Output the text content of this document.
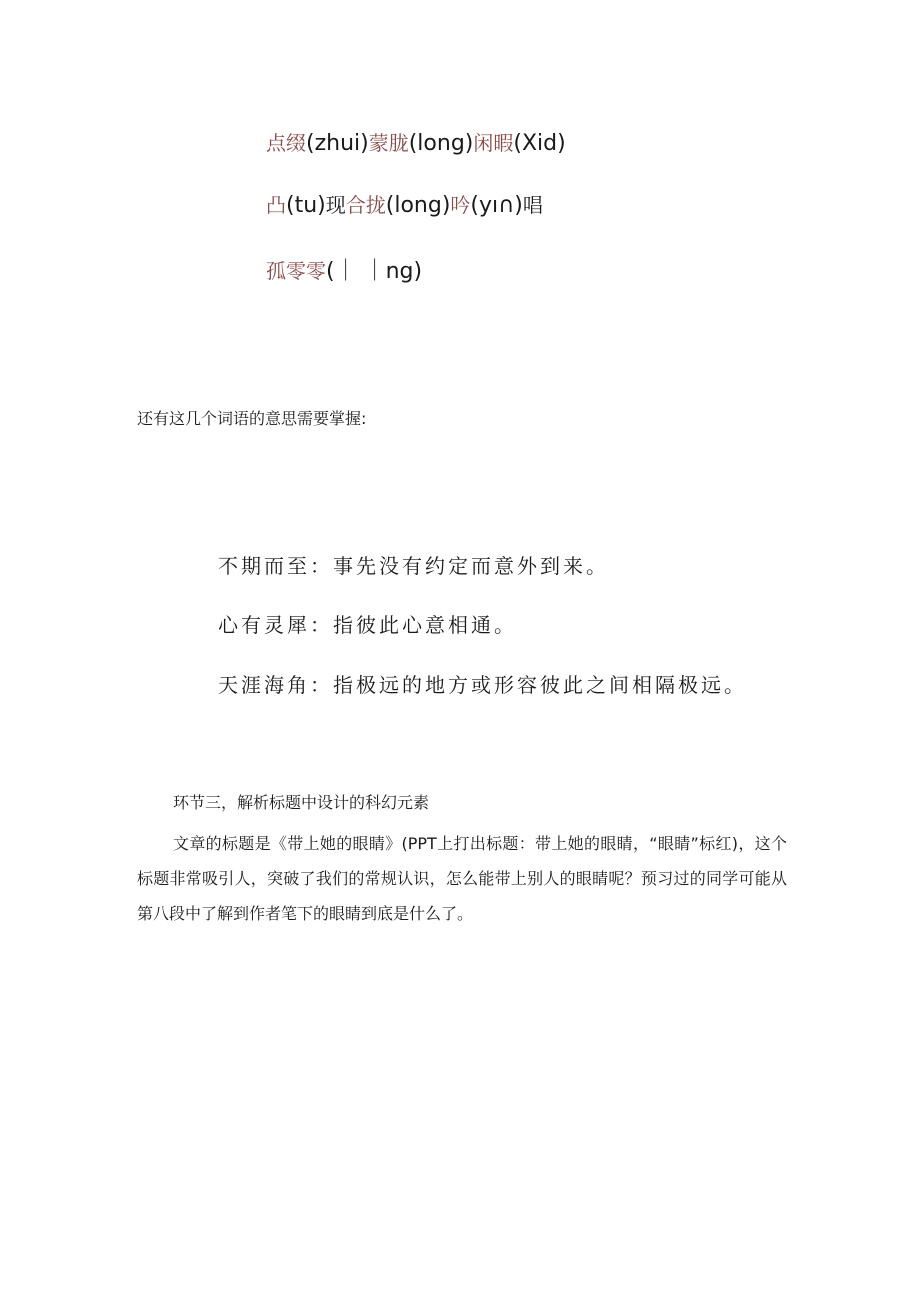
点缀(zhui)蒙胧(long)闲暇(Xid)
凸(tu)现合拢(long)吟(yı∩)唱
孤零零(｜ ｜ng)
还有这几个词语的意思需要掌握:
不期而至：事先没有约定而意外到来。
心有灵犀：指彼此心意相通。
天涯海角：指极远的地方或形容彼此之间相隔极远。
环节三，解析标题中设计的科幻元素
文章的标题是《带上她的眼睛》(PPT上打出标题：带上她的眼睛，“眼睛”标红)，这个标题非常吸引人，突破了我们的常规认识，怎么能带上别人的眼睛呢？预习过的同学可能从第八段中了解到作者笔下的眼睛到底是什么了。
